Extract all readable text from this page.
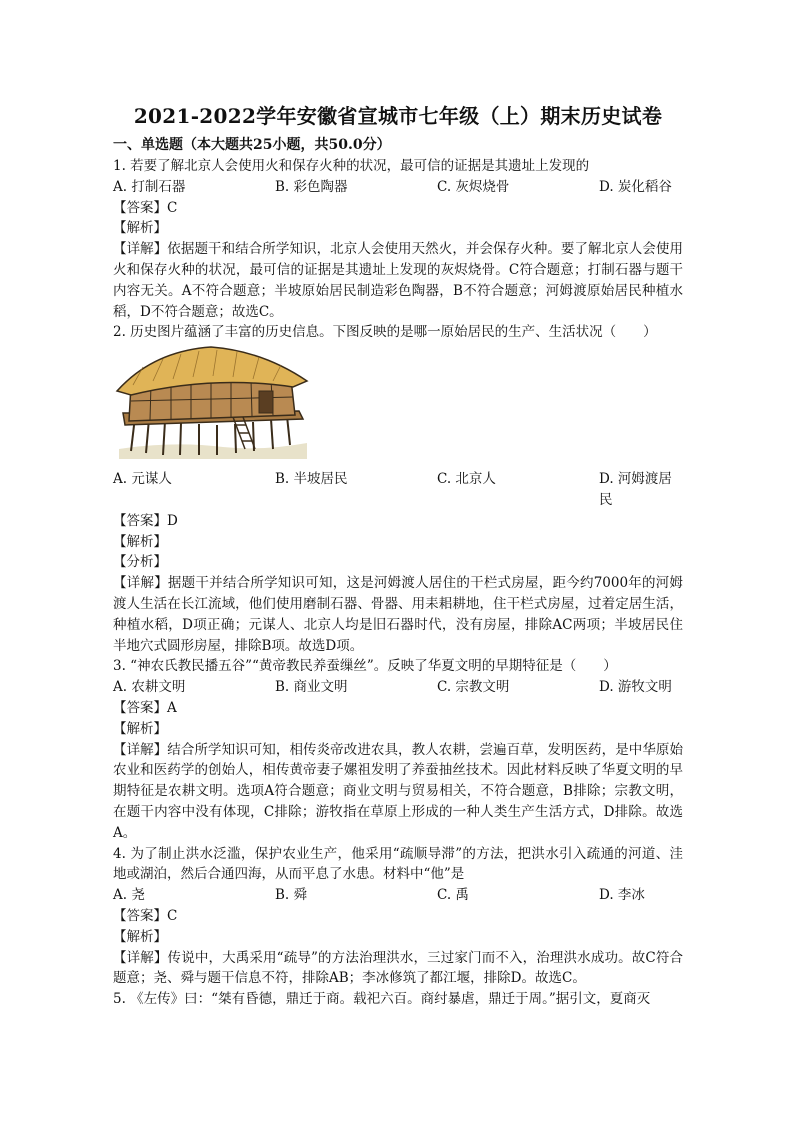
2021-2022学年安徽省宣城市七年级（上）期末历史试卷
一、单选题（本大题共25小题，共50.0分）
1. 若要了解北京人会使用火和保存火种的状况，最可信的证据是其遗址上发现的
A. 打制石器	B. 彩色陶器	C. 灰烬烧骨	D. 炭化稻谷
【答案】C
【解析】
【详解】依据题干和结合所学知识，北京人会使用天然火，并会保存火种。要了解北京人会使用火和保存火种的状况，最可信的证据是其遗址上发现的灰烬烧骨。C符合题意；打制石器与题干内容无关。A不符合题意；半坡原始居民制造彩色陶器，B不符合题意；河姆渡原始居民种植水稻，D不符合题意；故选C。
2. 历史图片蕴涵了丰富的历史信息。下图反映的是哪一原始居民的生产、生活状况（　　）
A. 元谋人	B. 半坡居民	C. 北京人	D. 河姆渡居民
【答案】D
【解析】
【分析】
【详解】据题干并结合所学知识可知，这是河姆渡人居住的干栏式房屋，距今约7000年的河姆渡人生活在长江流域，他们使用磨制石器、骨器、用耒耜耕地，住干栏式房屋，过着定居生活，种植水稻，D项正确；元谋人、北京人均是旧石器时代，没有房屋，排除AC两项；半坡居民住半地穴式圆形房屋，排除B项。故选D项。
3. “神农氏教民播五谷”“黄帝教民养蚕缫丝”。反映了华夏文明的早期特征是（　　）
A. 农耕文明	B. 商业文明	C. 宗教文明	D. 游牧文明
【答案】A
【解析】
【详解】结合所学知识可知，相传炎帝改进农具，教人农耕，尝遍百草，发明医药，是中华原始农业和医药学的创始人，相传黄帝妻子嫘祖发明了养蚕抽丝技术。因此材料反映了华夏文明的早期特征是农耕文明。选项A符合题意；商业文明与贸易相关，不符合题意，B排除；宗教文明，在题干内容中没有体现，C排除；游牧指在草原上形成的一种人类生产生活方式，D排除。故选A。
4. 为了制止洪水泛滥，保护农业生产，他采用“疏顺导滞”的方法，把洪水引入疏通的河道、洼地或湖泊，然后合通四海，从而平息了水患。材料中“他”是
A. 尧	B. 舜	C. 禹	D. 李冰
【答案】C
【解析】
【详解】传说中，大禹采用“疏导”的方法治理洪水，三过家门而不入，治理洪水成功。故C符合题意；尧、舜与题干信息不符，排除AB；李冰修筑了都江堰，排除D。故选C。
5. 《左传》曰：“桀有昏德，鼎迁于商。载祀六百。商纣暴虐，鼎迁于周。”据引文，夏商灭
